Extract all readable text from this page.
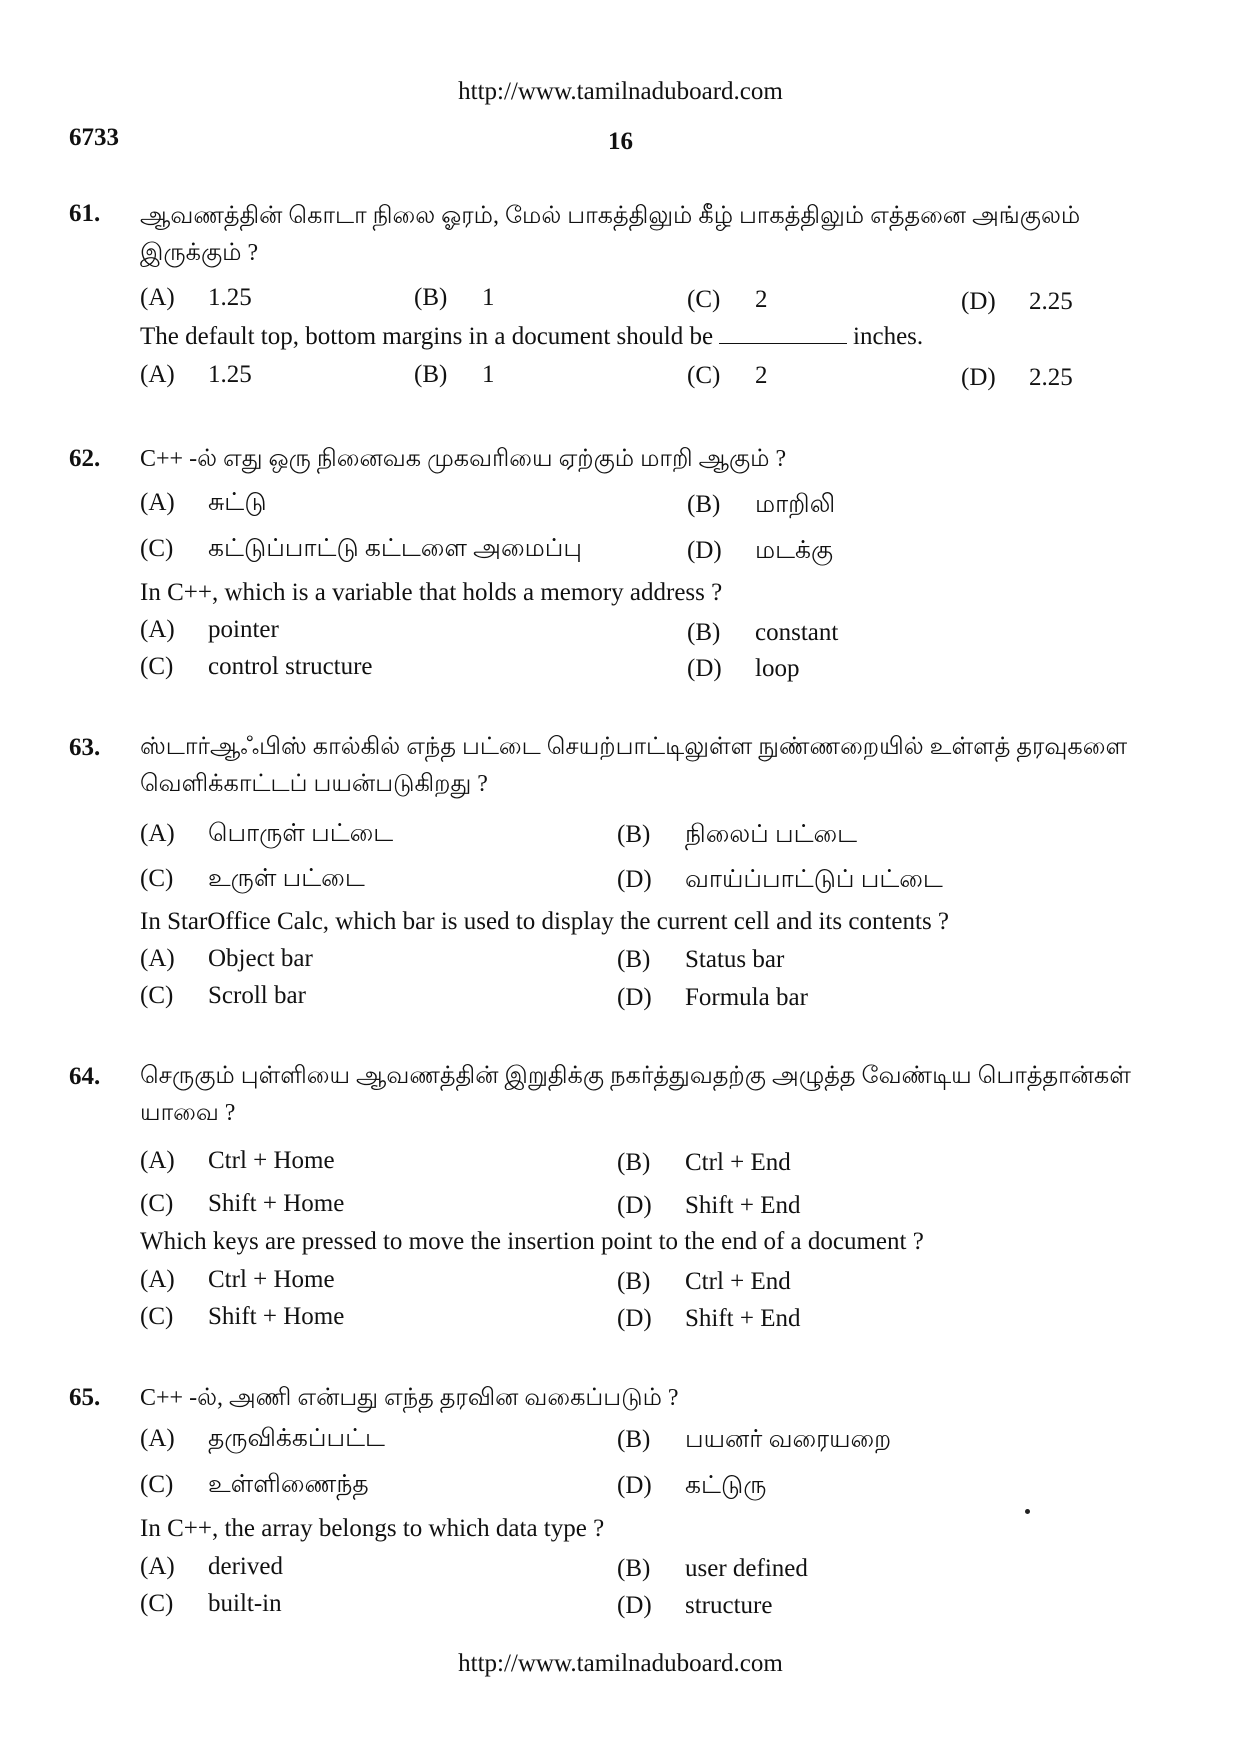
http://www.tamilnaduboard.com
6733	16
61. ஆவணத்தின் கொடா நிலை ஓரம், மேல் பாகத்திலும் கீழ் பாகத்திலும் எத்தனை அங்குலம் இருக்கும் ?
(A) 1.25	(B) 1	(C) 2	(D) 2.25
The default top, bottom margins in a document should be	inches.
(A) 1.25	(B) 1	(C) 2	(D) 2.25
62. C++ -ல் எது ஒரு நினைவக முகவரியை ஏற்கும் மாறி ஆகும் ?
(A) சுட்டு	(B) மாறிலி
(C) கட்டுப்பாட்டு கட்டளை அமைப்பு	(D) மடக்கு
In C++, which is a variable that holds a memory address ?
(A) pointer	(B) constant
(C) control structure	(D) loop
63. ஸ்டார்ஆஃபிஸ் கால்கில் எந்த பட்டை செயற்பாட்டிலுள்ள நுண்ணறையில் உள்ளத் தரவுகளை வெளிக்காட்டப் பயன்படுகிறது ?
(A) பொருள் பட்டை	(B) நிலைப் பட்டை
(C) உருள் பட்டை	(D) வாய்ப்பாட்டுப் பட்டை
In StarOffice Calc, which bar is used to display the current cell and its contents ?
(A) Object bar	(B) Status bar
(C) Scroll bar	(D) Formula bar
64. செருகும் புள்ளியை ஆவணத்தின் இறுதிக்கு நகர்த்துவதற்கு அழுத்த வேண்டிய பொத்தான்கள் யாவை ?
(A) Ctrl + Home	(B) Ctrl + End
(C) Shift + Home	(D) Shift + End
Which keys are pressed to move the insertion point to the end of a document ?
(A) Ctrl + Home	(B) Ctrl + End
(C) Shift + Home	(D) Shift + End
65. C++ -ல், அணி என்பது எந்த தரவின வகைப்படும் ?
(A) தருவிக்கப்பட்ட	(B) பயனர் வரையறை
(C) உள்ளிணைந்த	(D) கட்டுரு
In C++, the array belongs to which data type ?
(A) derived	(B) user defined
(C) built-in	(D) structure
http://www.tamilnaduboard.com
